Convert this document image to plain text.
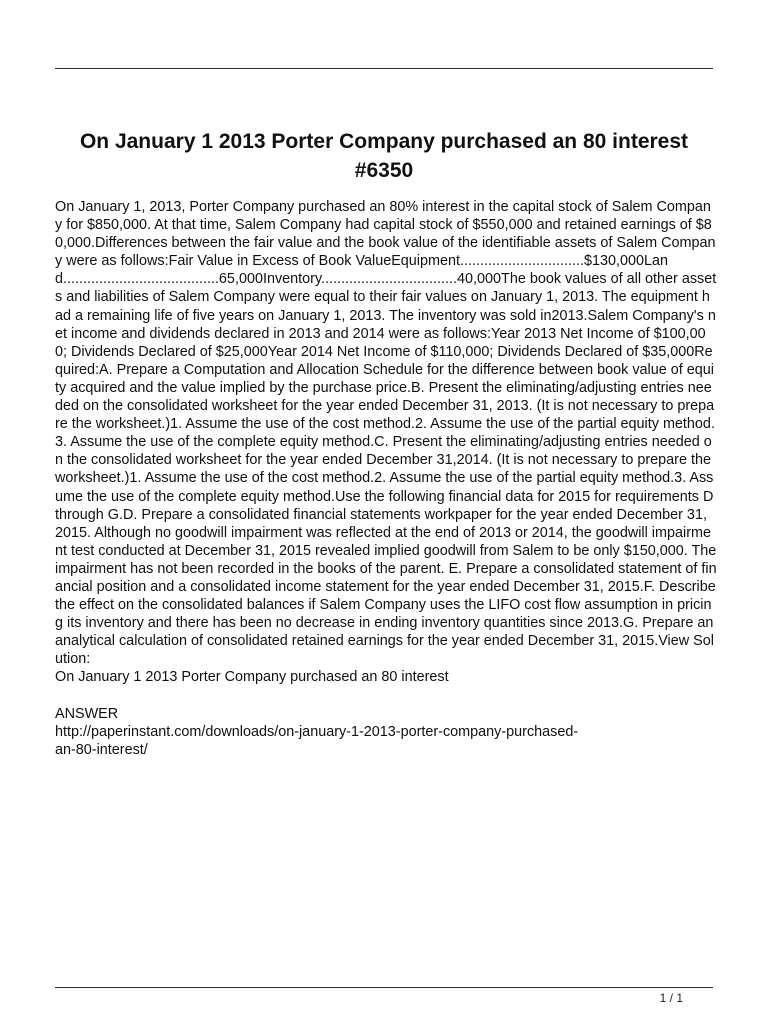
On January 1 2013 Porter Company purchased an 80 interest #6350

On January 1, 2013, Porter Company purchased an 80% interest in the capital stock of Salem Company for $850,000. At that time, Salem Company had capital stock of $550,000 and retained earnings of $80,000.Differences between the fair value and the book value of the identifiable assets of Salem Company were as follows:Fair Value in Excess of Book ValueEquipment...............................$130,000Land.......................................65,000Inventory..................................40,000The book values of all other assets and liabilities of Salem Company were equal to their fair values on January 1, 2013. The equipment had a remaining life of five years on January 1, 2013. The inventory was sold in2013.Salem Company's net income and dividends declared in 2013 and 2014 were as follows:Year 2013 Net Income of $100,000; Dividends Declared of $25,000Year 2014 Net Income of $110,000; Dividends Declared of $35,000Required:A. Prepare a Computation and Allocation Schedule for the difference between book value of equity acquired and the value implied by the purchase price.B. Present the eliminating/adjusting entries needed on the consolidated worksheet for the year ended December 31, 2013. (It is not necessary to prepare the worksheet.)1. Assume the use of the cost method.2. Assume the use of the partial equity method.3. Assume the use of the complete equity method.C. Present the eliminating/adjusting entries needed on the consolidated worksheet for the year ended December 31,2014. (It is not necessary to prepare the worksheet.)1. Assume the use of the cost method.2. Assume the use of the partial equity method.3. Assume the use of the complete equity method.Use the following financial data for 2015 for requirements D through G.D. Prepare a consolidated financial statements workpaper for the year ended December 31, 2015. Although no goodwill impairment was reflected at the end of 2013 or 2014, the goodwill impairment test conducted at December 31, 2015 revealed implied goodwill from Salem to be only $150,000. The impairment has not been recorded in the books of the parent. E. Prepare a consolidated statement of financial position and a consolidated income statement for the year ended December 31, 2015.F. Describe the effect on the consolidated balances if Salem Company uses the LIFO cost flow assumption in pricing its inventory and there has been no decrease in ending inventory quantities since 2013.G. Prepare an analytical calculation of consolidated retained earnings for the year ended December 31, 2015.View Solution:

On January 1 2013 Porter Company purchased an 80 interest

ANSWER

http://paperinstant.com/downloads/on-january-1-2013-porter-company-purchased-

an-80-interest/

1 / 1
